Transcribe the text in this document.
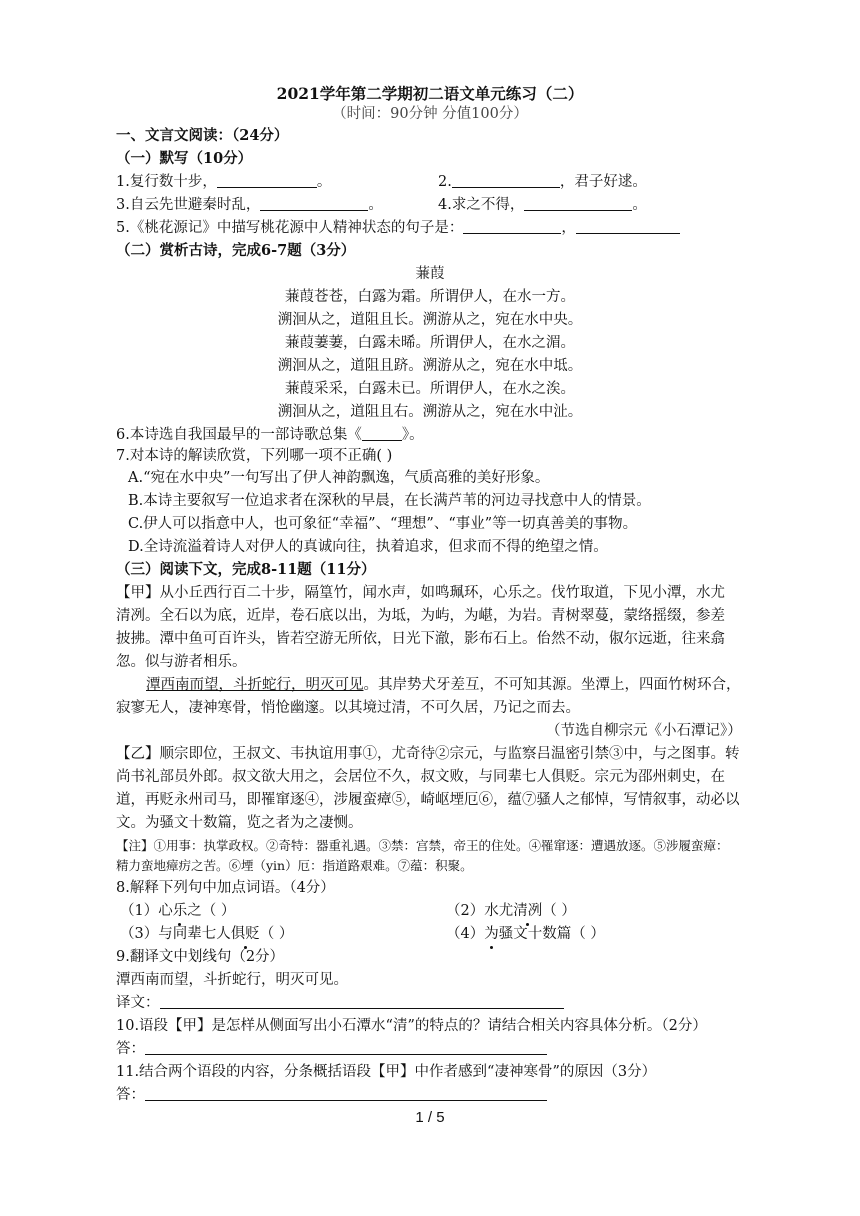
2021学年第二学期初二语文单元练习（二）
（时间：90分钟 分值100分）
一、文言文阅读：（24分）
（一）默写（10分）
1.复行数十步，	。	2.	，君子好逑。
3.自云先世避秦时乱，	。	4.求之不得，	。
5.《桃花源记》中描写桃花源中人精神状态的句子是：	，
（二）赏析古诗，完成6-7题（3分）
蒹葭
蒹葭苍苍，白露为霜。所谓伊人，在水一方。
溯洄从之，道阻且长。溯游从之，宛在水中央。
蒹葭萋萋，白露未晞。所谓伊人，在水之湄。
溯洄从之，道阻且跻。溯游从之，宛在水中坻。
蒹葭采采，白露未已。所谓伊人，在水之涘。
溯洄从之，道阻且右。溯游从之，宛在水中沚。
6.本诗选自我国最早的一部诗歌总集《	》。
7.对本诗的解读欣赏，下列哪一项不正确( )
A.“宛在水中央”一句写出了伊人神韵飘逸，气质高雅的美好形象。
B.本诗主要叙写一位追求者在深秋的早晨，在长满芦苇的河边寻找意中人的情景。
C.伊人可以指意中人，也可象征“幸福”、“理想”、“事业”等一切真善美的事物。
D.全诗流溢着诗人对伊人的真诚向往，执着追求，但求而不得的绝望之情。
（三）阅读下文，完成8-11题（11分）
【甲】从小丘西行百二十步，隔篁竹，闻水声，如鸣珮环，心乐之。伐竹取道，下见小潭，水尤
清冽。全石以为底，近岸，卷石底以出，为坻，为屿，为嵁，为岩。青树翠蔓，蒙络摇缀，参差
披拂。潭中鱼可百许头，皆若空游无所依，日光下澈，影布石上。佁然不动，俶尔远逝，往来翕
忽。似与游者相乐。
潭西南而望，斗折蛇行，明灭可见。其岸势犬牙差互，不可知其源。坐潭上，四面竹树环合，
寂寥无人，凄神寒骨，悄怆幽邃。以其境过清，不可久居，乃记之而去。
（节选自柳宗元《小石潭记》）
【乙】顺宗即位，王叔文、韦执谊用事①，尤奇待②宗元，与监察吕温密引禁③中，与之图事。转
尚书礼部员外郎。叔文欲大用之，会居位不久，叔文败，与同辈七人俱贬。宗元为邵州刺史，在
道，再贬永州司马，即罹窜逐④，涉履蛮瘴⑤，崎岖堙厄⑥，蕴⑦骚人之郁悼，写情叙事，动必以
文。为骚文十数篇，览之者为之凄恻。
【注】①用事：执掌政权。②奇特：器重礼遇。③禁：宫禁，帝王的住处。④罹窜逐：遭遇放逐。⑤涉履蛮瘴：
精力蛮地瘴疠之苦。⑥堙（yin）厄：指道路艰难。⑦蕴：积聚。
8.解释下列句中加点词语。（4分）
（1）心乐之（ ）	（2）水尤清冽（ ）
（3）与同辈七人俱贬（ ）	（4）为骚文十数篇（ ）
9.翻译文中划线句（2分）
潭西南而望，斗折蛇行，明灭可见。
译文：
10.语段【甲】是怎样从侧面写出小石潭水“清”的特点的？请结合相关内容具体分析。（2分）
答：
11.结合两个语段的内容，分条概括语段【甲】中作者感到“凄神寒骨”的原因（3分）
答：
1 / 5
